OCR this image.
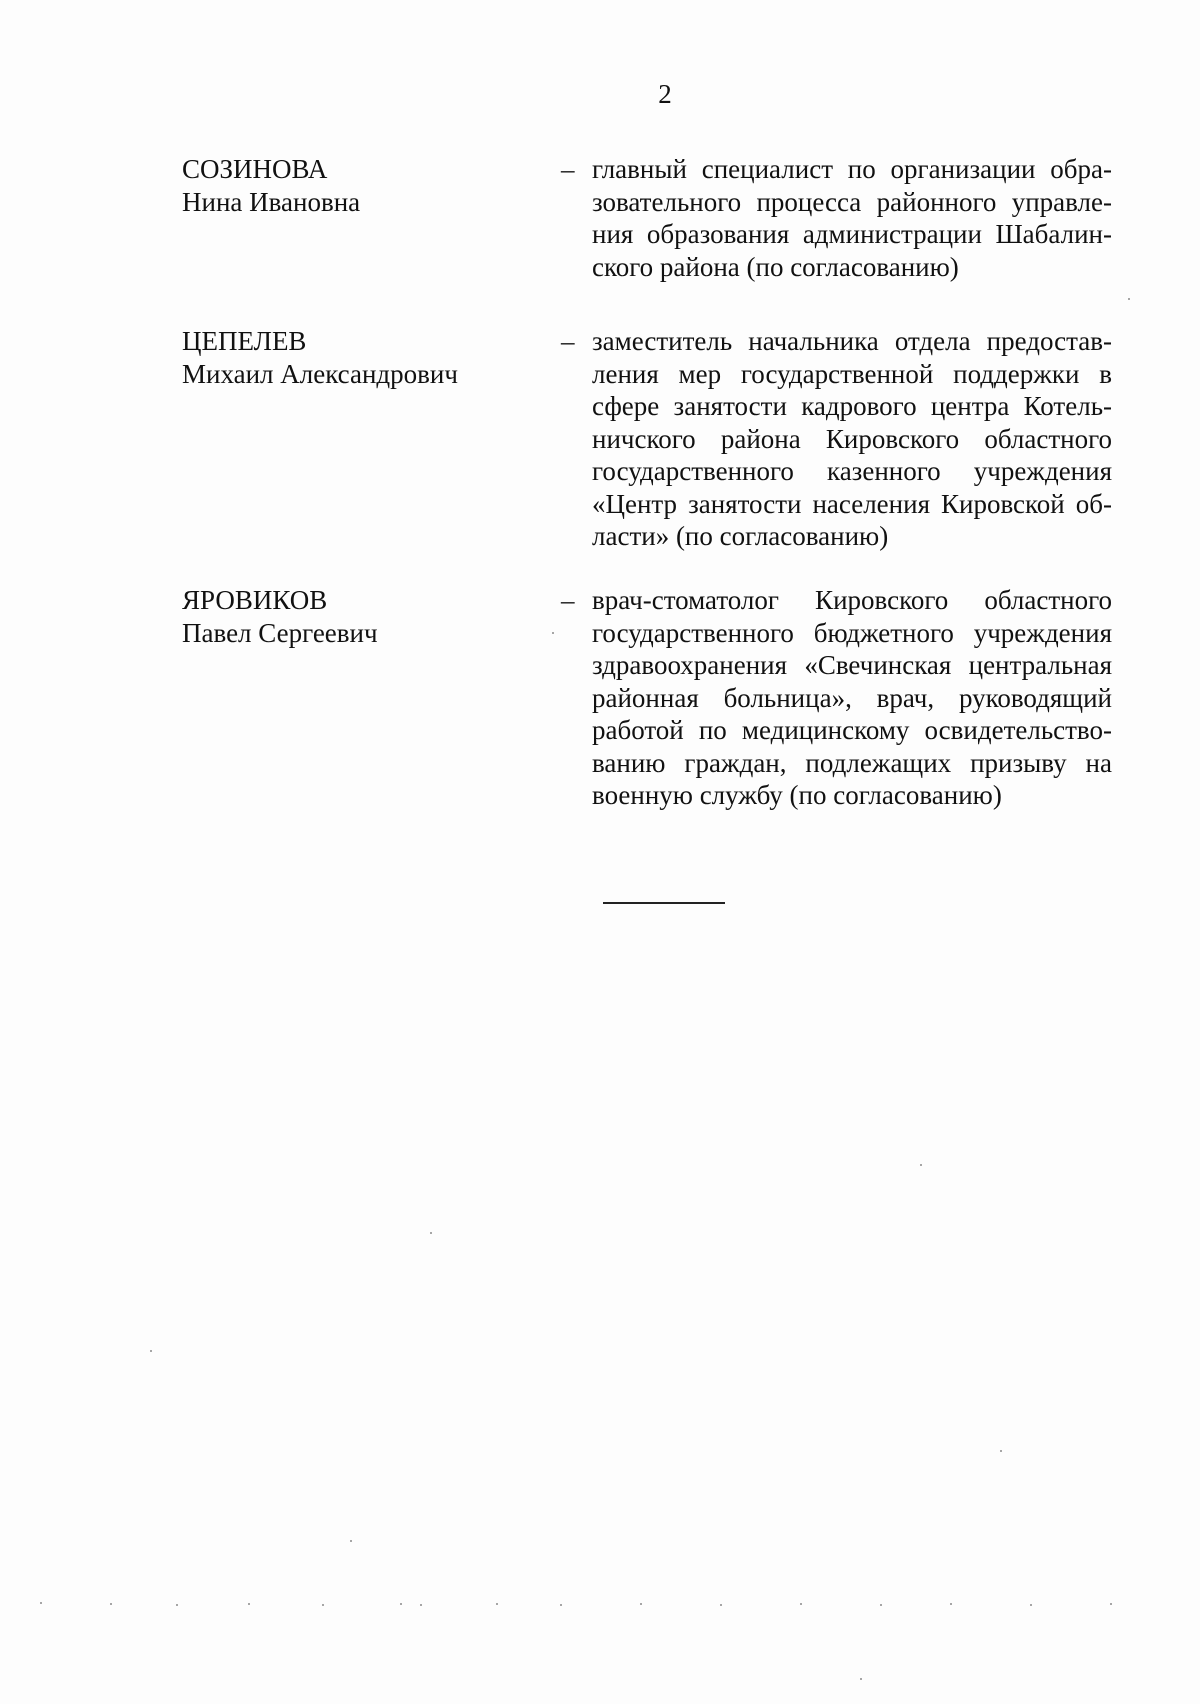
2
СОЗИНОВА
Нина Ивановна
– главный специалист по организации обра-
зовательного процесса районного управле-
ния образования администрации Шабалин-
ского района (по согласованию)
ЦЕПЕЛЕВ
Михаил Александрович
– заместитель начальника отдела предостав-
ления мер государственной поддержки в
сфере занятости кадрового центра Котель-
ничского района Кировского областного
государственного казенного учреждения
«Центр занятости населения Кировской об-
ласти» (по согласованию)
ЯРОВИКОВ
Павел Сергеевич
– врач-стоматолог Кировского областного
государственного бюджетного учреждения
здравоохранения «Свечинская центральная
районная больница», врач, руководящий
работой по медицинскому освидетельство-
ванию граждан, подлежащих призыву на
военную службу (по согласованию)
